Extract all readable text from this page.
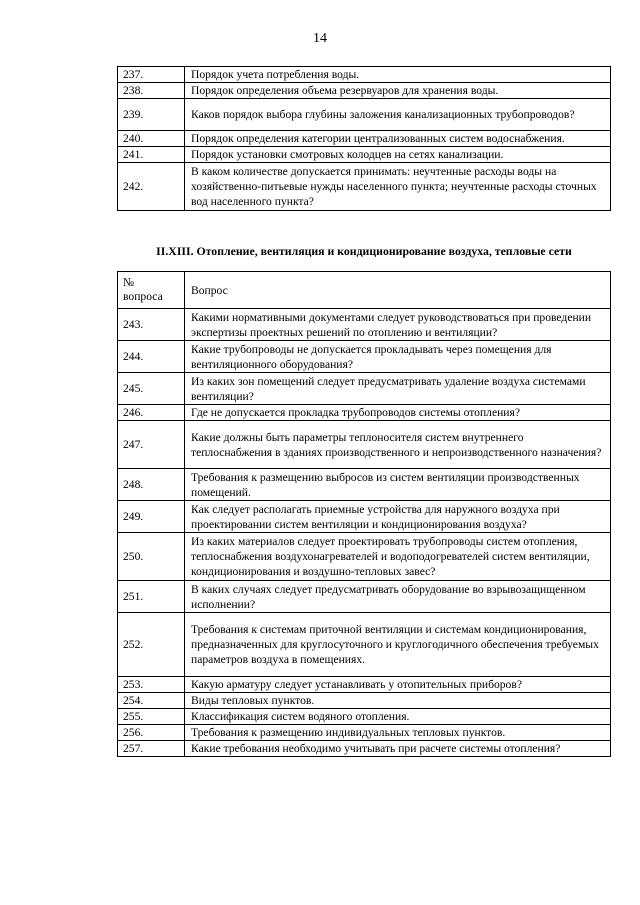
14
237.	Порядок учета потребления воды.
238.	Порядок определения объема резервуаров для хранения воды.
239.	Каков порядок выбора глубины заложения канализационных трубопроводов?
240.	Порядок определения категории централизованных систем водоснабжения.
241.	Порядок установки смотровых колодцев на сетях канализации.
242.	В каком количестве допускается принимать: неучтенные расходы воды на хозяйственно-питьевые нужды населенного пункта; неучтенные расходы сточных вод населенного пункта?
II.XIII. Отопление, вентиляция и кондиционирование воздуха, тепловые сети
№
вопроса	Вопрос
243.	Какими нормативными документами следует руководствоваться при проведении экспертизы проектных решений по отоплению и вентиляции?
244.	Какие трубопроводы не допускается прокладывать через помещения для вентиляционного оборудования?
245.	Из каких зон помещений следует предусматривать удаление воздуха системами вентиляции?
246.	Где не допускается прокладка трубопроводов системы отопления?
247.	Какие должны быть параметры теплоносителя систем внутреннего теплоснабжения в зданиях производственного и непроизводственного назначения?
248.	Требования к размещению выбросов из систем вентиляции производственных помещений.
249.	Как следует располагать приемные устройства для наружного воздуха при проектировании систем вентиляции и кондиционирования воздуха?
250.	Из каких материалов следует проектировать трубопроводы систем отопления, теплоснабжения воздухонагревателей и водоподогревателей систем вентиляции, кондиционирования и воздушно-тепловых завес?
251.	В каких случаях следует предусматривать оборудование во взрывозащищенном исполнении?
252.	Требования к системам приточной вентиляции и системам кондиционирования, предназначенных для круглосуточного и круглогодичного обеспечения требуемых параметров воздуха в помещениях.
253.	Какую арматуру следует устанавливать у отопительных приборов?
254.	Виды тепловых пунктов.
255.	Классификация систем водяного отопления.
256.	Требования к размещению индивидуальных тепловых пунктов.
257.	Какие требования необходимо учитывать при расчете системы отопления?
